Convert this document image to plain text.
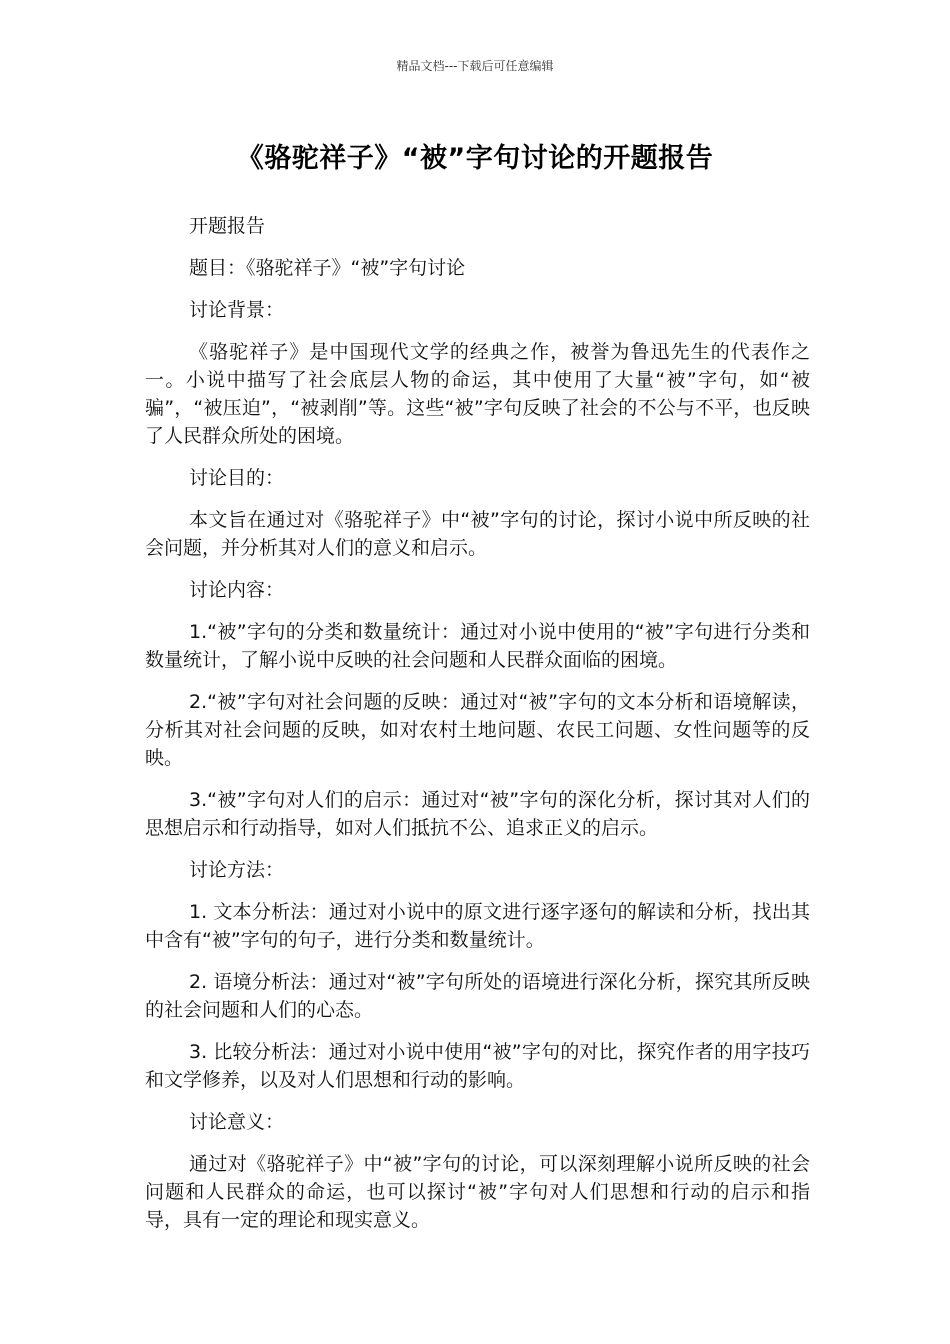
精品文档---下载后可任意编辑
《骆驼祥子》“被”字句讨论的开题报告

开题报告

题目：《骆驼祥子》“被”字句讨论

讨论背景：

《骆驼祥子》是中国现代文学的经典之作，被誉为鲁迅先生的代表作之一。小说中描写了社会底层人物的命运，其中使用了大量“被”字句，如“被骗”，“被压迫”，“被剥削”等。这些“被”字句反映了社会的不公与不平，也反映了人民群众所处的困境。

讨论目的：

本文旨在通过对《骆驼祥子》中“被”字句的讨论，探讨小说中所反映的社会问题，并分析其对人们的意义和启示。

讨论内容：

1.“被”字句的分类和数量统计：通过对小说中使用的“被”字句进行分类和数量统计，了解小说中反映的社会问题和人民群众面临的困境。

2.“被”字句对社会问题的反映：通过对“被”字句的文本分析和语境解读，分析其对社会问题的反映，如对农村土地问题、农民工问题、女性问题等的反映。

3.“被”字句对人们的启示：通过对“被”字句的深化分析，探讨其对人们的思想启示和行动指导，如对人们抵抗不公、追求正义的启示。

讨论方法：

1. 文本分析法：通过对小说中的原文进行逐字逐句的解读和分析，找出其中含有“被”字句的句子，进行分类和数量统计。

2. 语境分析法：通过对“被”字句所处的语境进行深化分析，探究其所反映的社会问题和人们的心态。

3. 比较分析法：通过对小说中使用“被”字句的对比，探究作者的用字技巧和文学修养，以及对人们思想和行动的影响。

讨论意义：

通过对《骆驼祥子》中“被”字句的讨论，可以深刻理解小说所反映的社会问题和人民群众的命运，也可以探讨“被”字句对人们思想和行动的启示和指导，具有一定的理论和现实意义。
